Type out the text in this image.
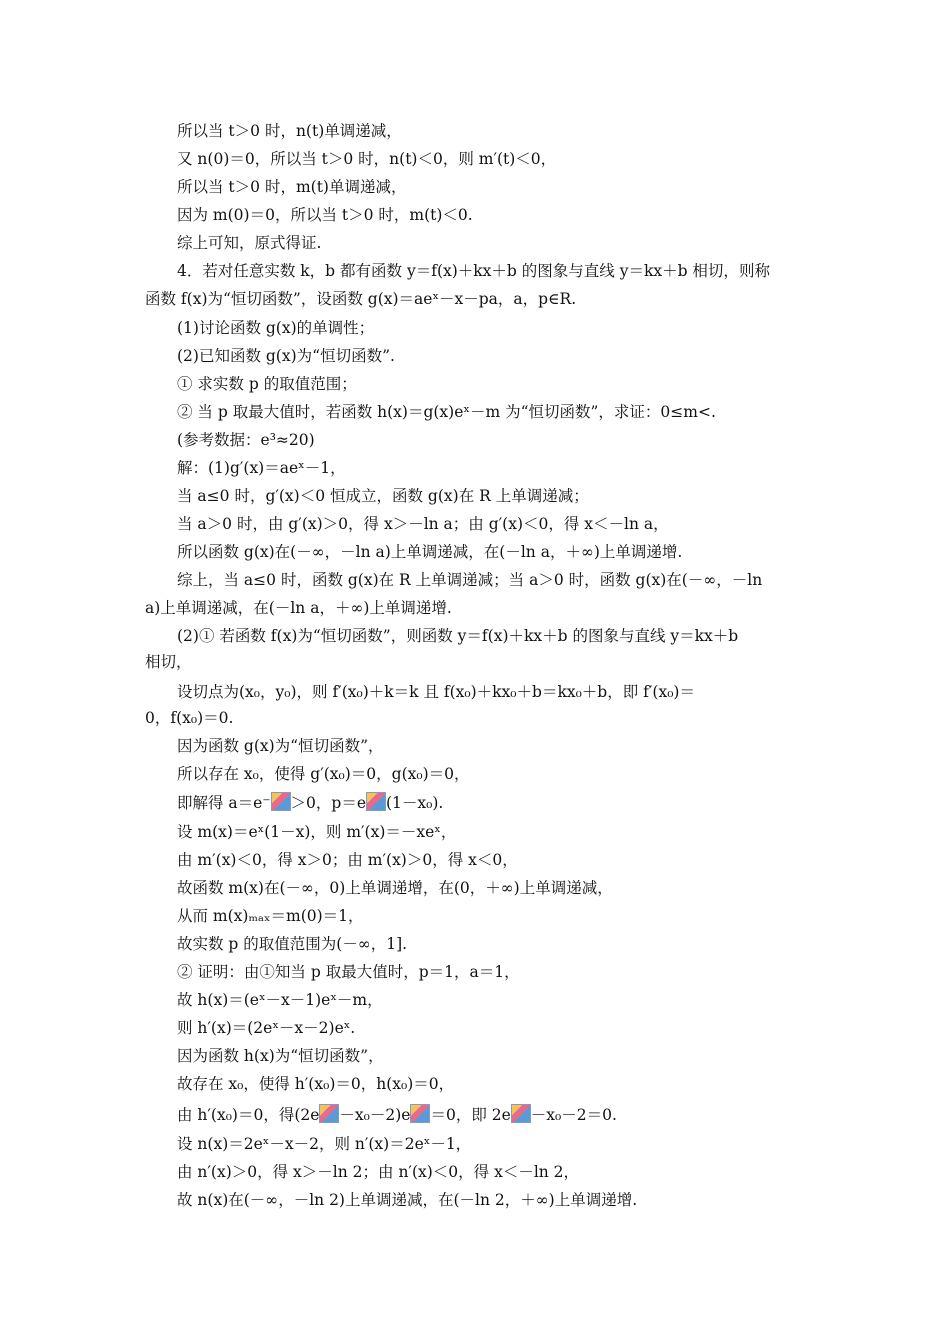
所以当 t＞0 时，n(t)单调递减，
又 n(0)＝0，所以当 t＞0 时，n(t)＜0，则 m′(t)＜0，
所以当 t＞0 时，m(t)单调递减，
因为 m(0)＝0，所以当 t＞0 时，m(t)＜0.
综上可知，原式得证.
4．若对任意实数 k，b 都有函数 y＝f(x)＋kx＋b 的图象与直线 y＝kx＋b 相切，则称
函数 f(x)为“恒切函数”，设函数 g(x)＝aeˣ－x－pa，a，p∈R.
(1)讨论函数 g(x)的单调性；
(2)已知函数 g(x)为“恒切函数”.
① 求实数 p 的取值范围；
② 当 p 取最大值时，若函数 h(x)＝g(x)eˣ－m 为“恒切函数”，求证：0≤m<.
(参考数据：e³≈20)
解：(1)g′(x)＝aeˣ－1，
当 a≤0 时，g′(x)＜0 恒成立，函数 g(x)在 R 上单调递减；
当 a＞0 时，由 g′(x)＞0，得 x＞－ln a；由 g′(x)＜0，得 x＜－ln a，
所以函数 g(x)在(－∞，－ln a)上单调递减，在(－ln a，＋∞)上单调递增.
综上，当 a≤0 时，函数 g(x)在 R 上单调递减；当 a＞0 时，函数 g(x)在(－∞，－ln
a)上单调递减，在(－ln a，＋∞)上单调递增.
(2)① 若函数 f(x)为“恒切函数”，则函数 y＝f(x)＋kx＋b 的图象与直线 y＝kx＋b
相切，
设切点为(x₀，y₀)，则 f′(x₀)＋k＝k 且 f(x₀)＋kx₀＋b＝kx₀＋b，即 f′(x₀)＝
0，f(x₀)＝0.
因为函数 g(x)为“恒切函数”，
所以存在 x₀，使得 g′(x₀)＝0，g(x₀)＝0，
即解得 a＝e⁻ ＞0，p＝e (1－x₀).
设 m(x)＝eˣ(1－x)，则 m′(x)＝－xeˣ，
由 m′(x)＜0，得 x＞0；由 m′(x)＞0，得 x＜0，
故函数 m(x)在(－∞，0)上单调递增，在(0，＋∞)上单调递减，
从而 m(x)ₘₐₓ＝m(0)＝1，
故实数 p 的取值范围为(－∞，1].
② 证明：由①知当 p 取最大值时，p＝1，a＝1，
故 h(x)＝(eˣ－x－1)eˣ－m，
则 h′(x)＝(2eˣ－x－2)eˣ.
因为函数 h(x)为“恒切函数”，
故存在 x₀，使得 h′(x₀)＝0，h(x₀)＝0，
由 h′(x₀)＝0，得(2e －x₀－2)e ＝0，即 2e －x₀－2＝0.
设 n(x)＝2eˣ－x－2，则 n′(x)＝2eˣ－1，
由 n′(x)＞0，得 x＞－ln 2；由 n′(x)＜0，得 x＜－ln 2，
故 n(x)在(－∞，－ln 2)上单调递减，在(－ln 2，＋∞)上单调递增.
